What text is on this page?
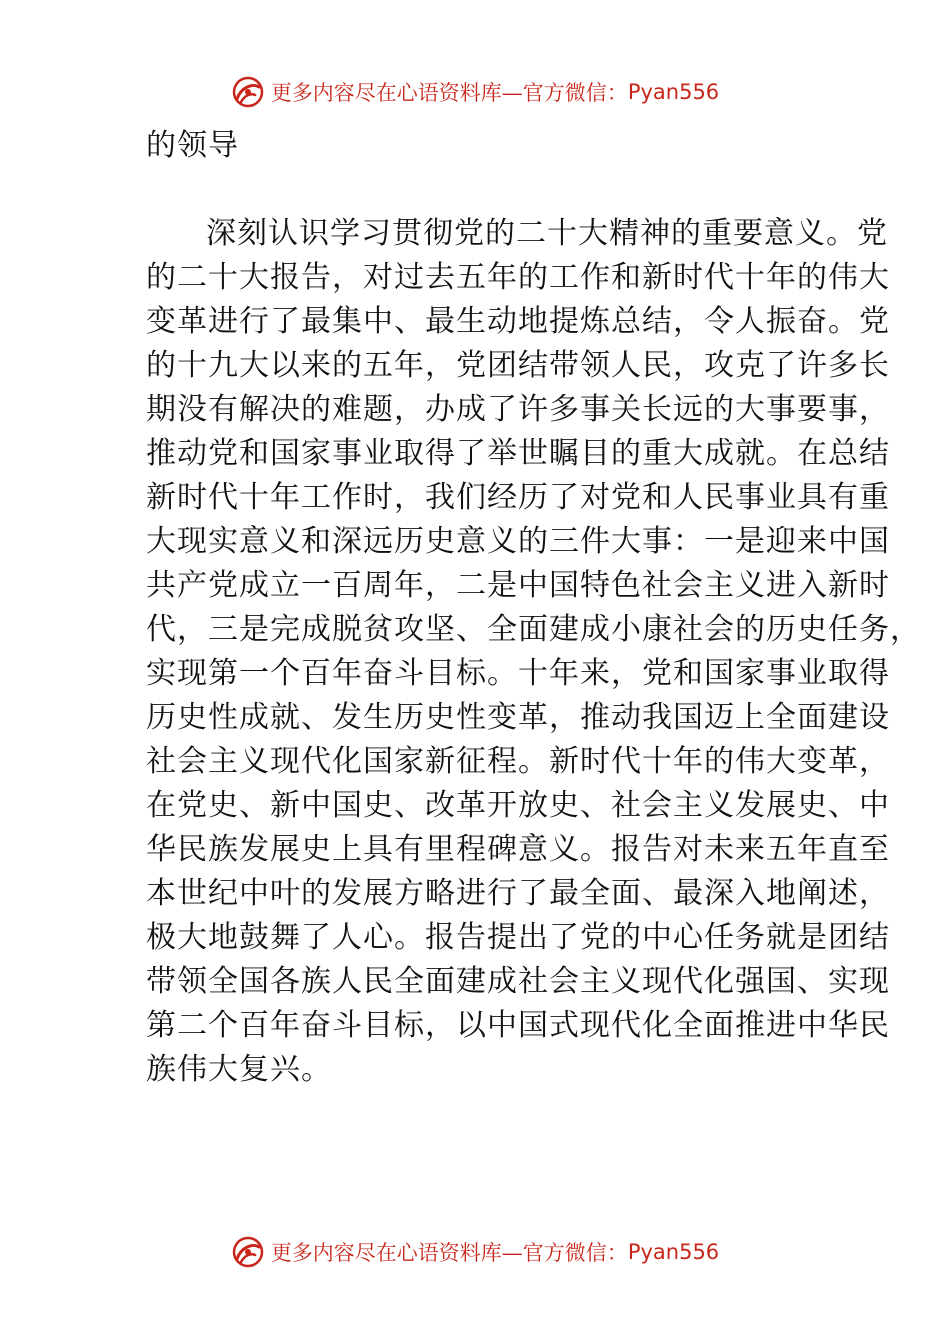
更多内容尽在心语资料库—官方微信： Pyan556
的领导
深刻认识学习贯彻党的二十大精神的重要意义。党
的二十大报告，对过去五年的工作和新时代十年的伟大
变革进行了最集中、最生动地提炼总结，令人振奋。党
的十九大以来的五年，党团结带领人民，攻克了许多长
期没有解决的难题，办成了许多事关长远的大事要事，
推动党和国家事业取得了举世瞩目的重大成就。在总结
新时代十年工作时，我们经历了对党和人民事业具有重
大现实意义和深远历史意义的三件大事：一是迎来中国
共产党成立一百周年，二是中国特色社会主义进入新时
代，三是完成脱贫攻坚、全面建成小康社会的历史任务，
实现第一个百年奋斗目标。十年来，党和国家事业取得
历史性成就、发生历史性变革，推动我国迈上全面建设
社会主义现代化国家新征程。新时代十年的伟大变革，
在党史、新中国史、改革开放史、社会主义发展史、中
华民族发展史上具有里程碑意义。报告对未来五年直至
本世纪中叶的发展方略进行了最全面、最深入地阐述，
极大地鼓舞了人心。报告提出了党的中心任务就是团结
带领全国各族人民全面建成社会主义现代化强国、实现
第二个百年奋斗目标，以中国式现代化全面推进中华民
族伟大复兴。
更多内容尽在心语资料库—官方微信： Pyan556
